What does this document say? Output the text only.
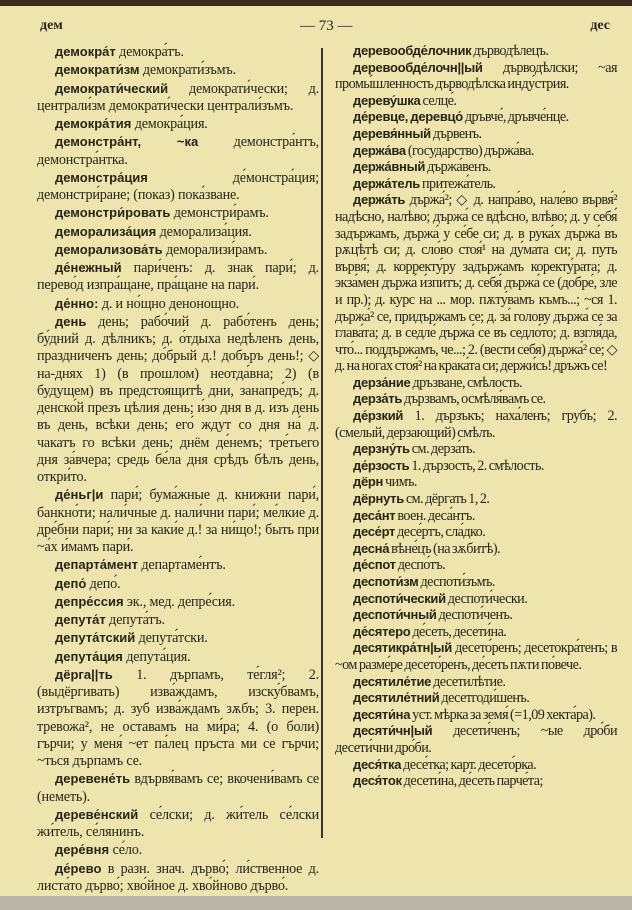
дем	— 73 —	дес

демокра́т демокра́тъ.

демократи́зм демократи́зъмъ.

демократи́ческий демократи́чески; д. централи́зм демократи́чески централи́зъмъ.

демокра́тия демокра́ция.

демонстра́нт, ~ка демонстра́нтъ, демонстра́нтка.

демонстра́ция	де́монстра́ция; демонстри́ране; (показ) пока́зване.

демонстри́ровать демонстри́рамъ.

деморализа́ция деморализа́ция.

деморализова́ть деморализи́рамъ.

де́нежный пари́ченъ: д. знак пари́; д. перево́д изпра́щане, пра́щане на пари́.

де́нно: д. и но́щно денонощно.

день день; рабо́чий д. рабо́тенъ день; бу́дний д. дѣлникъ; д. о́тдыха недѣленъ день, праздниченъ день; до́брый д.! добъръ день!; ◇ на-днях 1) (в прошлом) неотда́вна; 2) (в будущем) въ предстоящитѣ дни, занапре́дъ; д. денско́й презъ цѣлия день; и́зо дня в д. изъ день въ день, всѣки день; его́ ждут со дня на́ д. чакатъ го всѣки день; днём де́немъ; тре́тьего дня за́вчера; средь бе́ла дня срѣдъ бѣлъ день, откри́то.

де́ньг|и пари́; бума́жные д. книжни пари́, банкно́ти; нали́чные д. нали́чни пари́; ме́лкие д. дре́бни пари́; ни за каки́е д.! за ни́що!; быть при ~а́х и́мамъ пари́.

департа́мент департаме́нтъ.

депо́ депо́.

депре́ссия эк., мед. депре́сия.

депута́т депута́тъ.

депута́тский депута́тски.

депута́ция депута́ция.

дёрга||ть 1. дърпамъ, те́гля²; 2. (выдёргивать) изва́ждамъ, изску́бвамъ, изтръгвамъ; д. зуб изва́ждамъ зѫбъ; 3. перен. тревожа², не оставамъ на ми́ра; 4. (о боли) гърчи; у меня́ ~ет па́лец пръста ми се гърчи; ~ться дърпамъ се.

деревене́ть вдървя́вамъ се; вкочени́вамъ се (неметь).

дереве́нский се́лски; д. жи́тель се́лски жи́тель, се́лянинъ.

дере́вня се́ло.

де́рево в разн. знач. дърво́; ли́ственное д. листа́то дърво́; хво́йное д. хво́йново дърво́.

деревообде́лочник дърводѣлецъ.

деревообде́лочн||ый дърводѣлски; ~ая промы́шленность дърводѣлска инду́стрия.

дереву́шка селце́.

де́ревце, деревцо́ дръвче́, дръвче́нце.

деревя́нный дървенъ.

держа́ва (государство) държа́ва.

держа́вный държа́венъ.

держа́тель притежа́тель.

держа́ть държа́²; ◇ д. напра́во, нале́во вървя́² надѣсно, налѣво; държа́ се вдѣсно, влѣво; д. у себя́ задържамъ, държа́ у се́бе си; д. в рука́х държа́ въ рѫцѣтѣ си; д. сло́во стоя́¹ на ду́мата си; д. путь вървя́; д. корректу́ру задържамъ коректу́рата; д. экза́мен държа́ и́зпитъ; д. себя́ държа́ се (добре́, зле и пр.); д. курс на ... мор. пѫту́вамъ къмъ...; ~ся 1. държа́² се, придържамъ се; д. за́ голову държа́ се за глава́та; д. в седле́ държа́ се въ седло́то; д. взгля́да, что́... поддържамъ, че...; 2. (вести себя) държа́² се; ◇ д. на нога́х стоя́² на крака́та си; держи́сь! дръжъ се!

дерза́ние дръзване, смѣлость.

дерза́ть дързвамъ, осмѣля́вамъ се.

де́рзкий 1. дързъкъ; наха́ленъ; грубъ; 2. (смелый, дерзающий) смѣлъ.

дерзну́ть см. дерза́ть.

де́рзость 1. дързость, 2. смѣлость.

дёрн чимъ.

дёрнуть см. дёргать 1, 2.

деса́нт воен. деса́нтъ.

десе́рт десе́ртъ, сла́дко.

десна́ вѣне́цъ (на зѫбитѣ).

де́спот деспо́тъ.

деспоти́зм деспоти́зъмъ.

деспоти́ческий деспоти́чески.

деспоти́чный деспоти́ченъ.

де́сятеро де́сеть, десети́на.

десятикра́тн|ый десето́ренъ; десетокра́тенъ; в ~ом разме́ре десето́ренъ, де́сеть пѫти по́вече.

десятиле́тие десетилѣтие.

десятиле́тний десетгоди́шенъ.

десяти́на уст. мѣрка за земя́ (=1,09 хекта́ра).

десяти́чн|ый десети́ченъ; ~ые дро́би десети́чни дро́би.

деся́тка десе́тка; карт. десето́рка.

деся́ток десети́на, де́сеть парче́та;
